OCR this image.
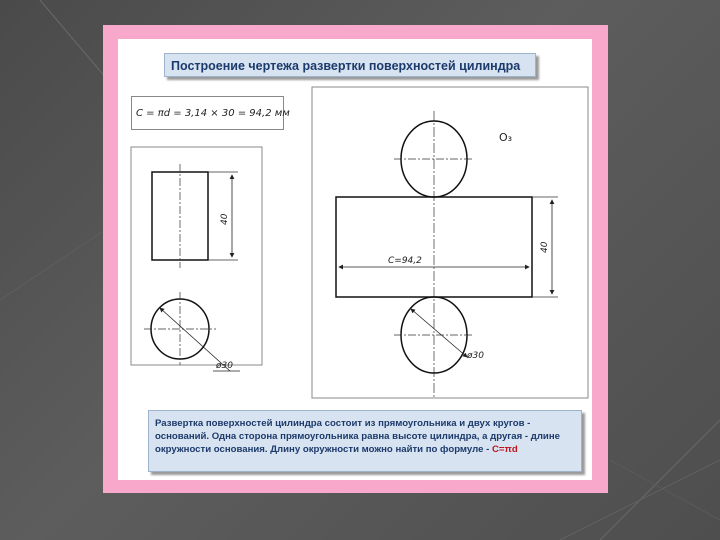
Построение чертежа развертки поверхностей цилиндра
C = πd = 3,14 × 30 = 94,2 мм
40
ø30
O₃
40
C=94,2
ø30
Развертка поверхностей цилиндра состоит из прямоугольника и двух кругов - оснований. Одна сторона прямоугольника равна высоте цилиндра, а другая - длине окружности основания. Длину окружности можно найти по формуле - C=πd
